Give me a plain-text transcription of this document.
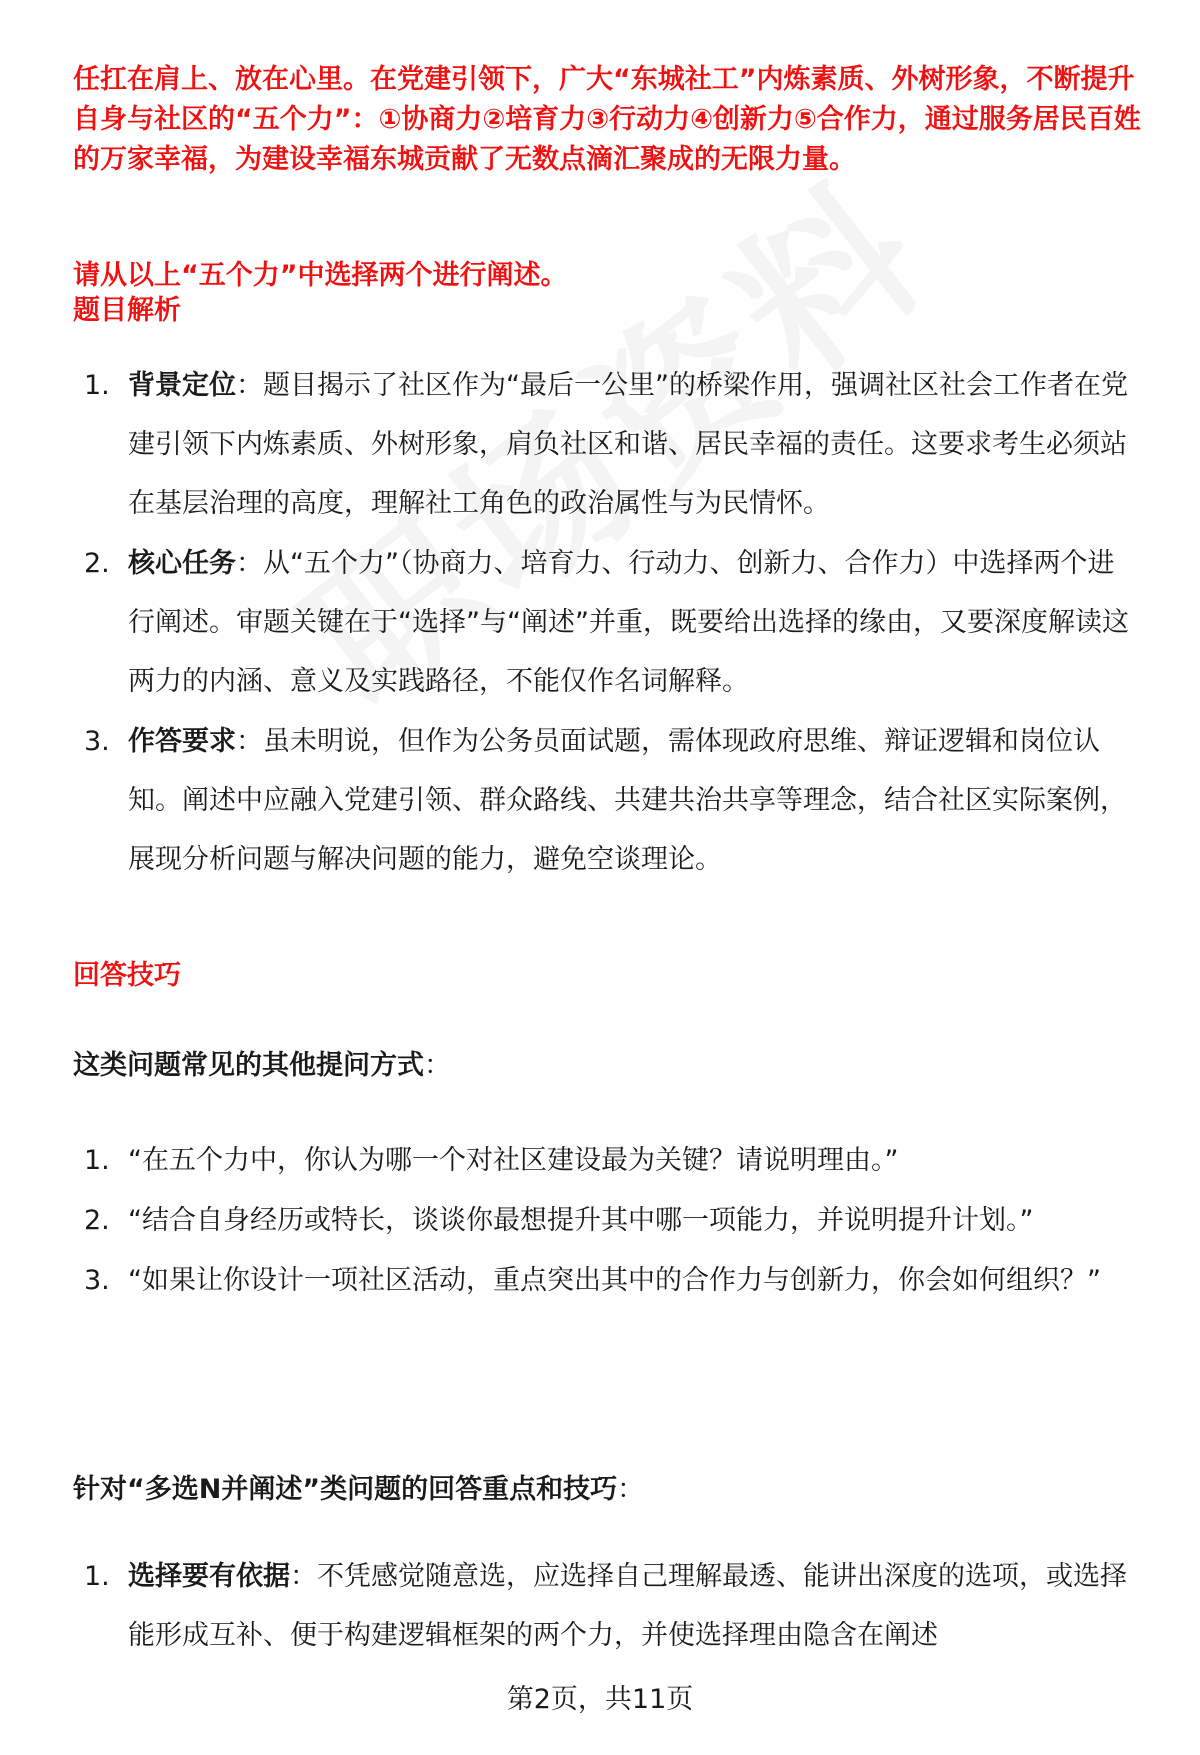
任扛在肩上、放在心里。在党建引领下，广大“东城社工”内炼素质、外树形象，不断提升自身与社区的“五个力”：①协商力②培育力③行动力④创新力⑤合作力，通过服务居民百姓的万家幸福，为建设幸福东城贡献了无数点滴汇聚成的无限力量。

请从以上“五个力”中选择两个进行阐述。

题目解析

1. 背景定位：题目揭示了社区作为“最后一公里”的桥梁作用，强调社区社会工作者在党建引领下内炼素质、外树形象，肩负社区和谐、居民幸福的责任。这要求考生必须站在基层治理的高度，理解社工角色的政治属性与为民情怀。
2. 核心任务：从“五个力”（协商力、培育力、行动力、创新力、合作力）中选择两个进行阐述。审题关键在于“选择”与“阐述”并重，既要给出选择的缘由，又要深度解读这两力的内涵、意义及实践路径，不能仅作名词解释。
3. 作答要求：虽未明说，但作为公务员面试题，需体现政府思维、辩证逻辑和岗位认知。阐述中应融入党建引领、群众路线、共建共治共享等理念，结合社区实际案例，展现分析问题与解决问题的能力，避免空谈理论。

回答技巧

这类问题常见的其他提问方式：

1. “在五个力中，你认为哪一个对社区建设最为关键？请说明理由。”
2. “结合自身经历或特长，谈谈你最想提升其中哪一项能力，并说明提升计划。”
3. “如果让你设计一项社区活动，重点突出其中的合作力与创新力，你会如何组织？”

针对“多选N并阐述”类问题的回答重点和技巧：

1. 选择要有依据：不凭感觉随意选，应选择自己理解最透、能讲出深度的选项，或选择能形成互补、便于构建逻辑框架的两个力，并使选择理由隐含在阐述
第2页，共11页
